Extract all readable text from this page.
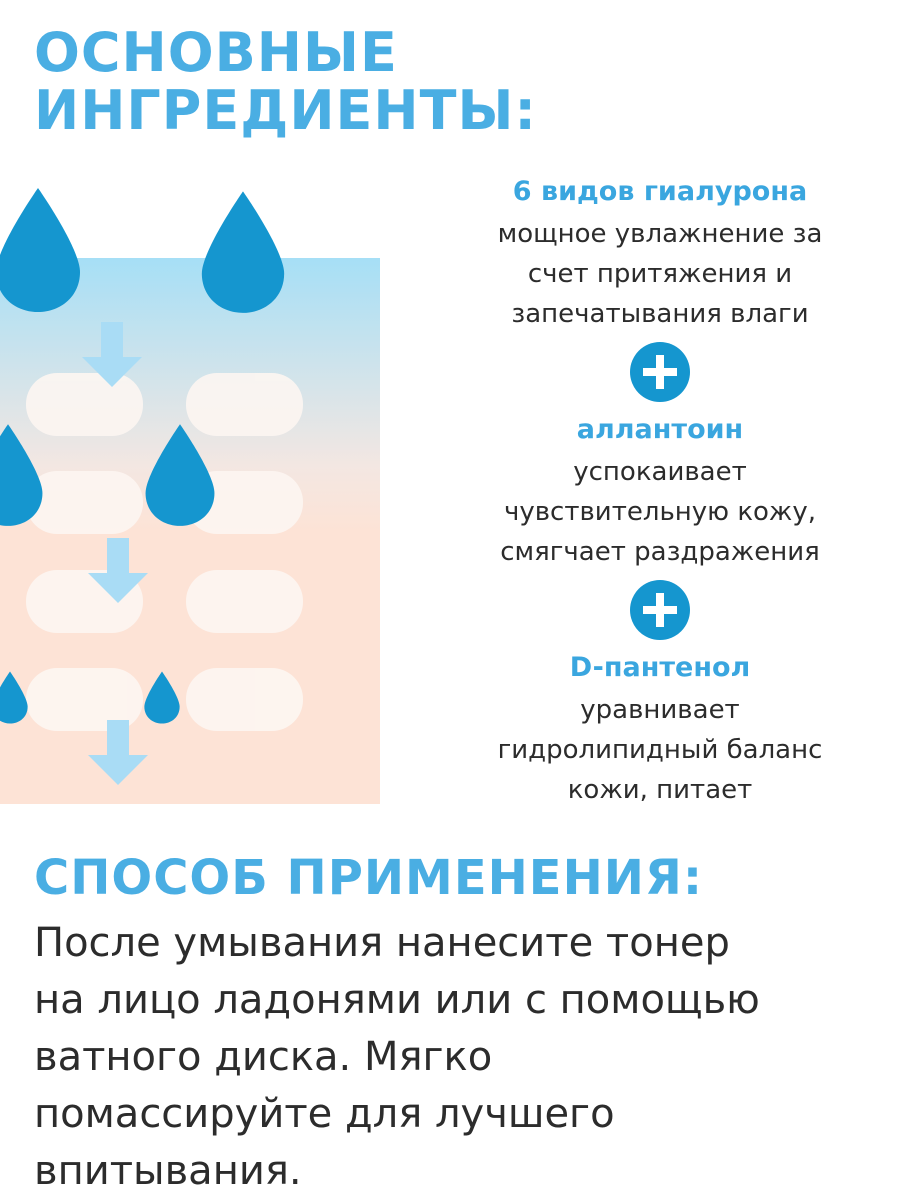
ОСНОВНЫЕ
ИНГРЕДИЕНТЫ:
6 видов гиалурона
мощное увлажнение за
счет притяжения и
запечатывания влаги
аллантоин
успокаивает
чувствительную кожу,
смягчает раздражения
D-пантенол
уравнивает
гидролипидный баланс
кожи, питает
СПОСОБ ПРИМЕНЕНИЯ:
После умывания нанесите тонер
на лицо ладонями или с помощью
ватного диска. Мягко
помассируйте для лучшего
впитывания.
